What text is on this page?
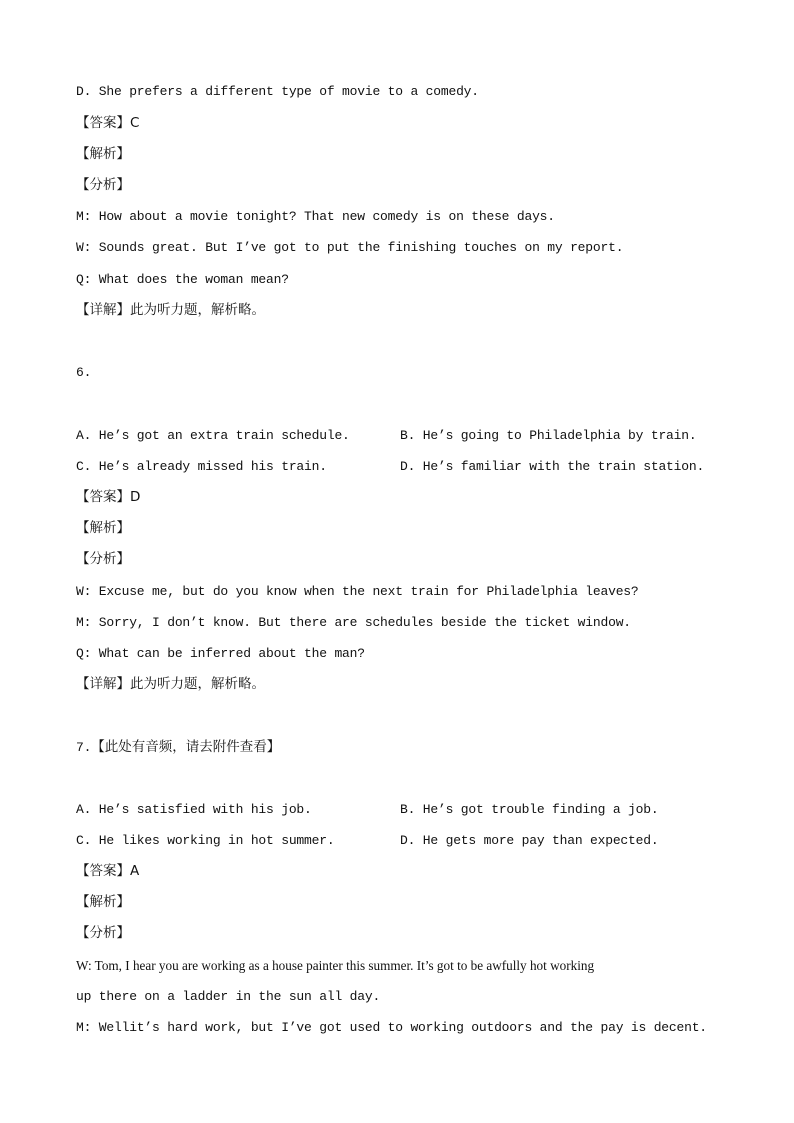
D. She prefers a different type of movie to a comedy.
【答案】C
【解析】
【分析】
M: How about a movie tonight? That new comedy is on these days.
W: Sounds great. But I’ve got to put the finishing touches on my report.
Q: What does the woman mean?
【详解】此为听力题，解析略。
6.
A. He’s got an extra train schedule.	B. He’s going to Philadelphia by train.
C. He’s already missed his train.	D. He’s familiar with the train station.
【答案】D
【解析】
【分析】
W: Excuse me, but do you know when the next train for Philadelphia leaves?
M: Sorry, I don’t know. But there are schedules beside the ticket window.
Q: What can be inferred about the man?
【详解】此为听力题，解析略。
7.【此处有音频，请去附件查看】
A. He’s satisfied with his job.	B. He’s got trouble finding a job.
C. He likes working in hot summer.	D. He gets more pay than expected.
【答案】A
【解析】
【分析】
W: Tom, I hear you are working as a house painter this summer. It’s got to be awfully hot working
up there on a ladder in the sun all day.
M: Wellit’s hard work, but I’ve got used to working outdoors and the pay is decent.
